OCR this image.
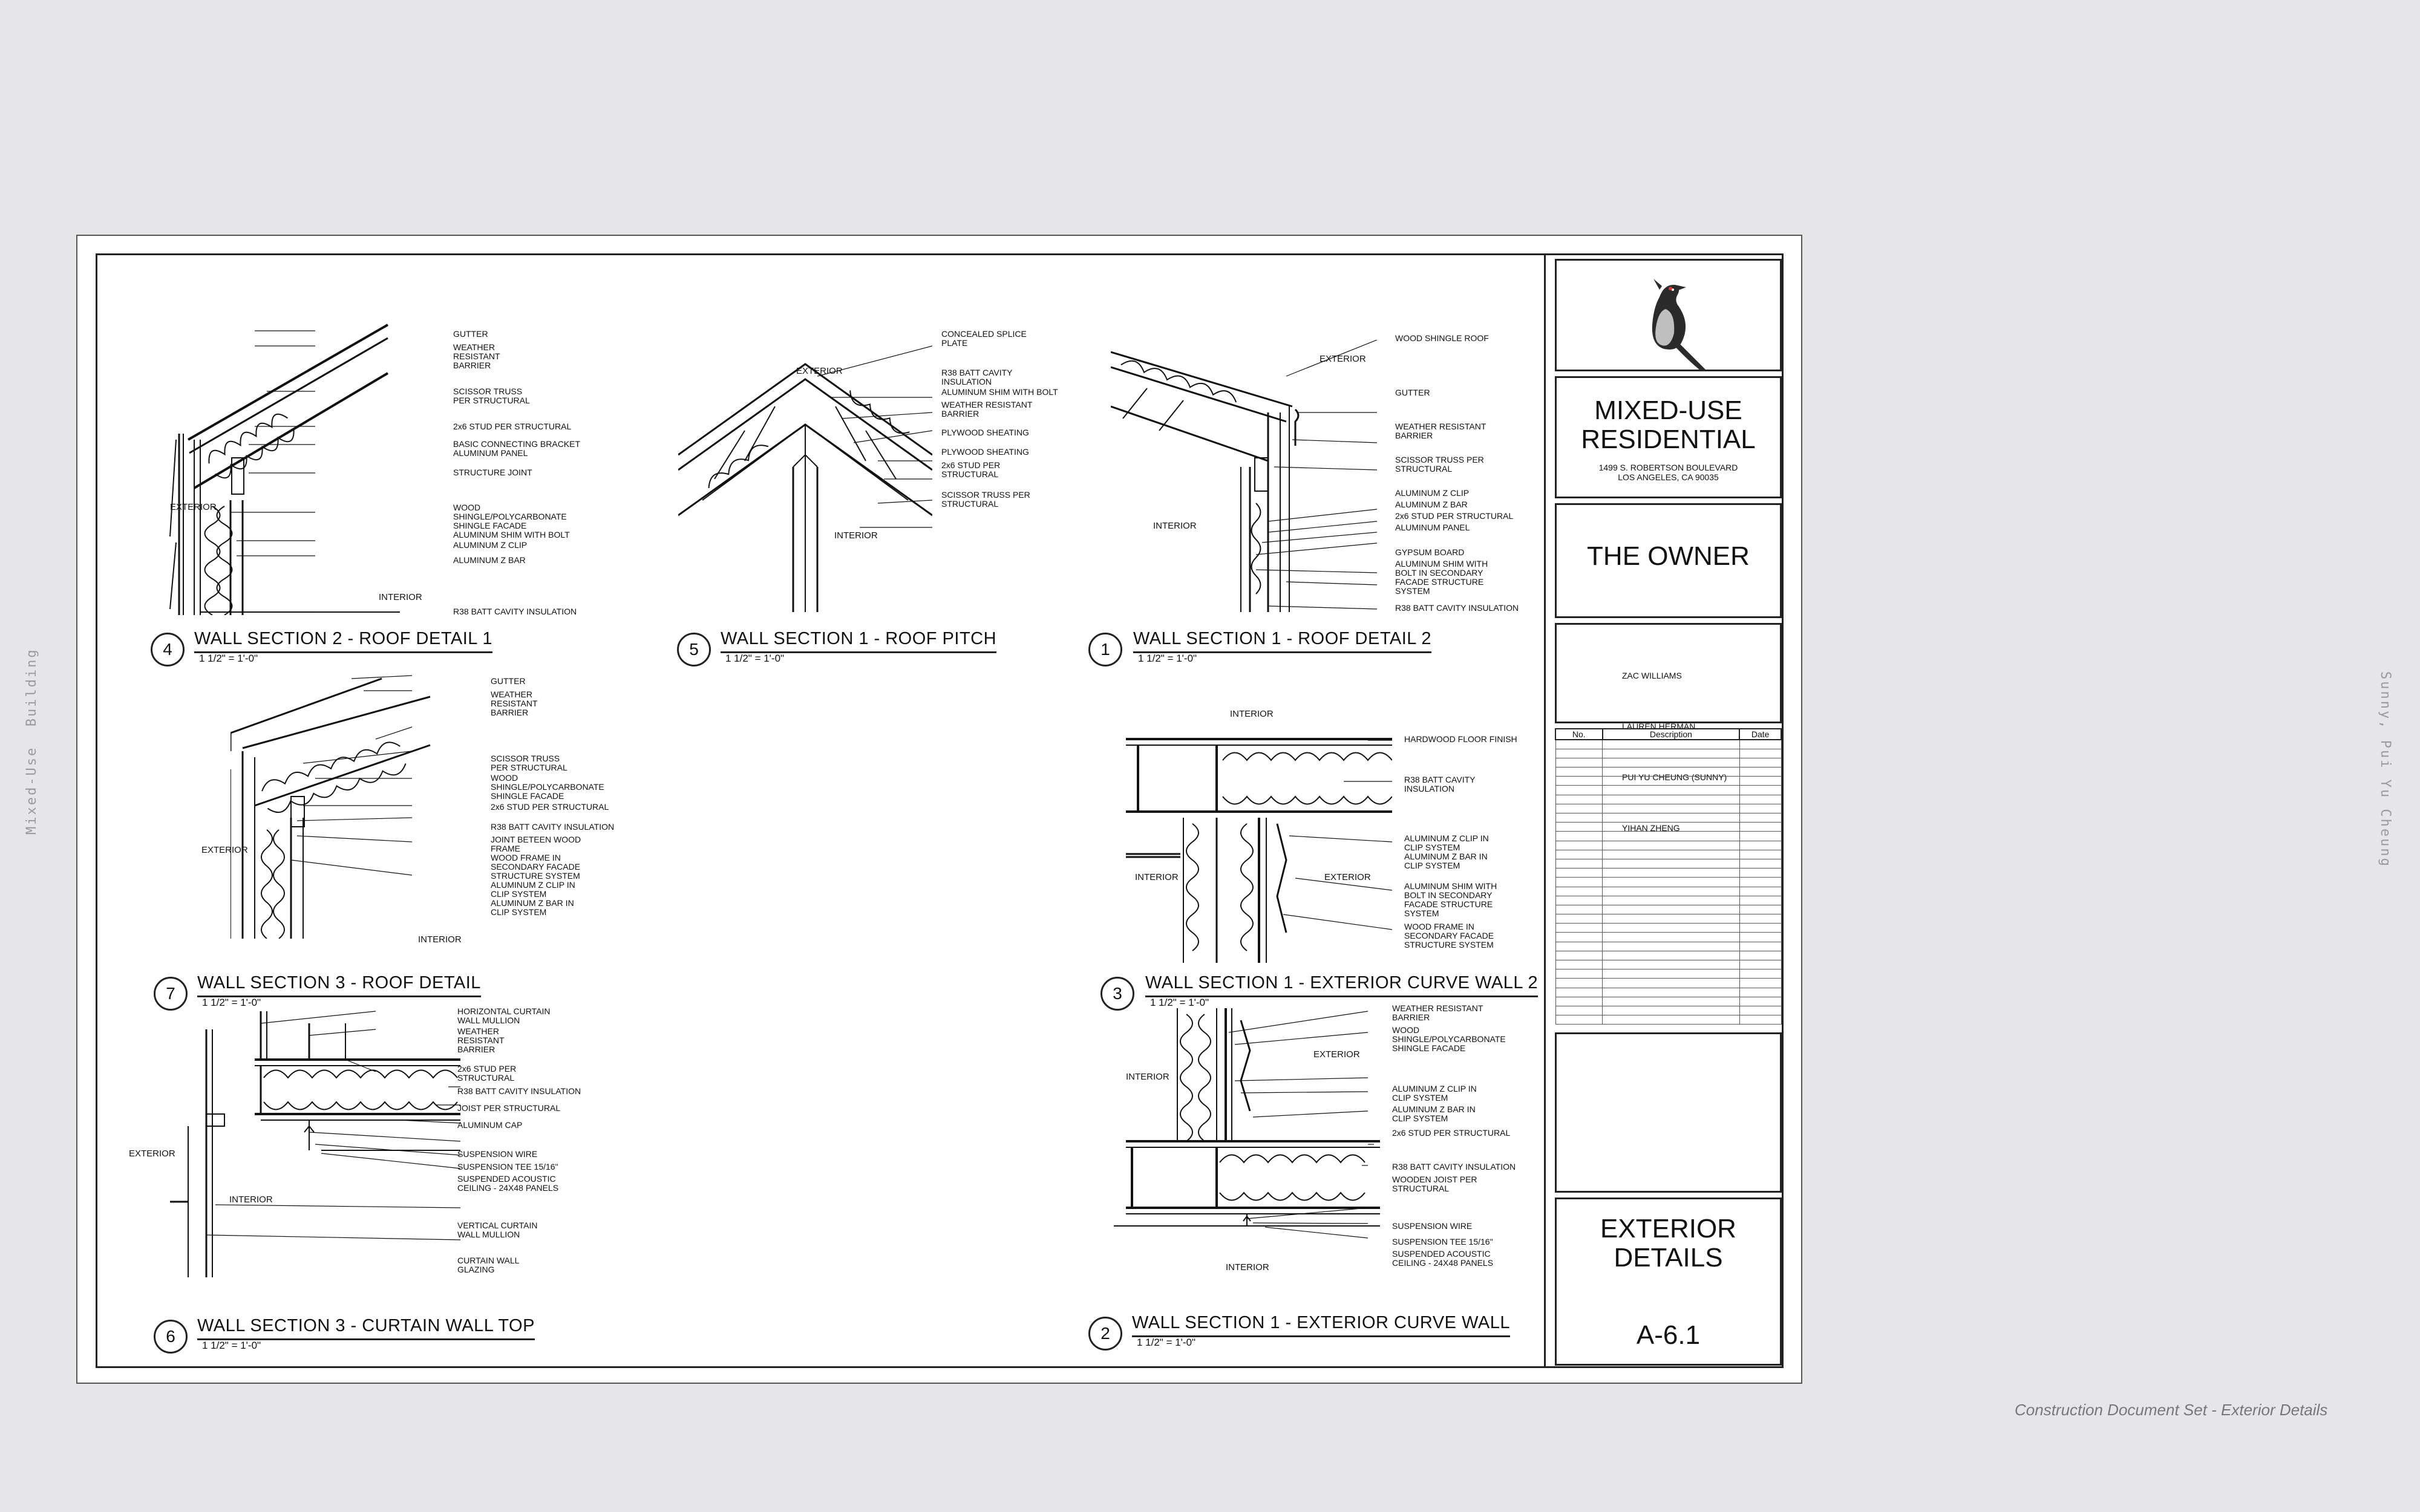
Mixed-Use  Building	Sunny, Pui Yu Cheung
Construction Document Set - Exterior Details
GUTTER
WEATHER
RESISTANT
BARRIER
SCISSOR TRUSS
PER STRUCTURAL
2x6 STUD PER STRUCTURAL
BASIC CONNECTING BRACKET
ALUMINUM PANEL
STRUCTURE JOINT
WOOD
SHINGLE/POLYCARBONATE
SHINGLE FACADE
ALUMINUM SHIM WITH BOLT
ALUMINUM Z CLIP
ALUMINUM Z BAR
R38 BATT CAVITY INSULATION
EXTERIOR
INTERIOR
4
WALL SECTION 2 - ROOF DETAIL 1
1 1/2" = 1'-0"
CONCEALED SPLICE
PLATE
R38 BATT CAVITY
INSULATION
ALUMINUM SHIM WITH BOLT
WEATHER RESISTANT
BARRIER
PLYWOOD SHEATING
PLYWOOD SHEATING
2x6 STUD PER
STRUCTURAL
SCISSOR TRUSS PER
STRUCTURAL
EXTERIOR
INTERIOR
5
WALL SECTION 1 - ROOF PITCH
1 1/2" = 1'-0"
WOOD SHINGLE ROOF
GUTTER
WEATHER RESISTANT
BARRIER
SCISSOR TRUSS PER
STRUCTURAL
ALUMINUM Z CLIP
ALUMINUM Z BAR
2x6 STUD PER STRUCTURAL
ALUMINUM PANEL
GYPSUM BOARD
ALUMINUM SHIM WITH
BOLT IN SECONDARY
FACADE STRUCTURE
SYSTEM
R38 BATT CAVITY INSULATION
EXTERIOR
INTERIOR
1
WALL SECTION 1 - ROOF DETAIL 2
1 1/2" = 1'-0"
GUTTER
WEATHER
RESISTANT
BARRIER
SCISSOR TRUSS
PER STRUCTURAL
WOOD
SHINGLE/POLYCARBONATE
SHINGLE FACADE
2x6 STUD PER STRUCTURAL
R38 BATT CAVITY INSULATION
JOINT BETEEN WOOD
FRAME
WOOD FRAME IN
SECONDARY FACADE
STRUCTURE SYSTEM
ALUMINUM Z CLIP IN
CLIP SYSTEM
ALUMINUM Z BAR IN
CLIP SYSTEM
EXTERIOR
INTERIOR
7
WALL SECTION 3 - ROOF DETAIL
1 1/2" = 1'-0"
HARDWOOD FLOOR FINISH
R38 BATT CAVITY
INSULATION
ALUMINUM Z CLIP IN
CLIP SYSTEM
ALUMINUM Z BAR IN
CLIP SYSTEM
ALUMINUM SHIM WITH
BOLT IN SECONDARY
FACADE STRUCTURE
SYSTEM
WOOD FRAME IN
SECONDARY FACADE
STRUCTURE SYSTEM
INTERIOR
INTERIOR	EXTERIOR
3
WALL SECTION 1 - EXTERIOR CURVE WALL 2
1 1/2" = 1'-0"
HORIZONTAL CURTAIN
WALL MULLION
WEATHER
RESISTANT
BARRIER
2x6 STUD PER
STRUCTURAL
R38 BATT CAVITY INSULATION
JOIST PER STRUCTURAL
ALUMINUM CAP
SUSPENSION WIRE
SUSPENSION TEE 15/16"
SUSPENDED ACOUSTIC
CEILING - 24X48 PANELS
VERTICAL CURTAIN
WALL MULLION
CURTAIN WALL
GLAZING
EXTERIOR
INTERIOR
6
WALL SECTION 3 - CURTAIN WALL TOP
1 1/2" = 1'-0"
WEATHER RESISTANT
BARRIER
WOOD
SHINGLE/POLYCARBONATE
SHINGLE FACADE
ALUMINUM Z CLIP IN
CLIP SYSTEM
ALUMINUM Z BAR IN
CLIP SYSTEM
2x6 STUD PER STRUCTURAL
R38 BATT CAVITY INSULATION
WOODEN JOIST PER
STRUCTURAL
SUSPENSION WIRE
SUSPENSION TEE 15/16"
SUSPENDED ACOUSTIC
CEILING - 24X48 PANELS
INTERIOR
EXTERIOR
INTERIOR
2
WALL SECTION 1 - EXTERIOR CURVE WALL
1 1/2" = 1'-0"
MIXED-USE
RESIDENTIAL
1499 S. ROBERTSON BOULEVARD
LOS ANGELES, CA 90035
THE OWNER

ZAC WILLIAMS

LAUREN HERMAN

PUI YU CHEUNG (SUNNY)

YIHAN ZHENG

No.	Description	Date

EXTERIOR
DETAILS
A-6.1
